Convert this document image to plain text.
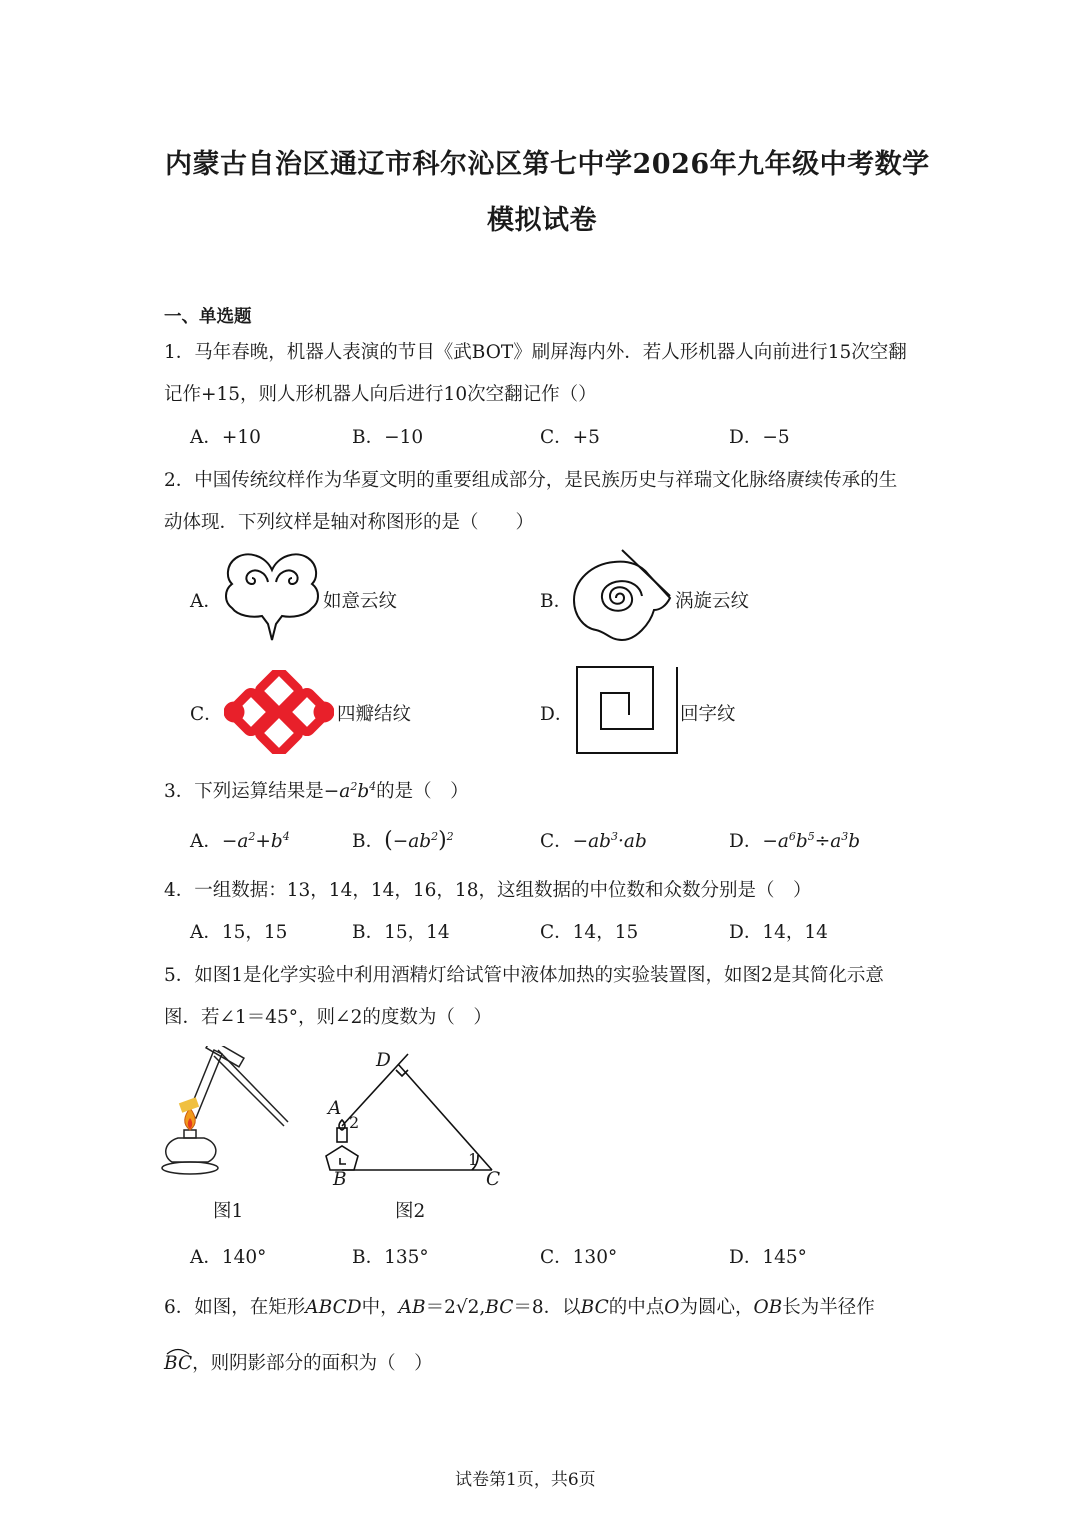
内蒙古自治区通辽市科尔沁区第七中学2026年九年级中考数学
模拟试卷
一、单选题
1．马年春晚，机器人表演的节目《武BOT》刷屏海内外．若人形机器人向前进行15次空翻
记作+15，则人形机器人向后进行10次空翻记作（）
A．+10	B．−10	C．+5	D．−5
2．中国传统纹样作为华夏文明的重要组成部分，是民族历史与祥瑞文化脉络赓续传承的生
动体现．下列纹样是轴对称图形的是（　　）
A．	如意云纹	B．	涡旋云纹
C．	四瓣结纹	D．	回字纹
3．下列运算结果是$-a^2b^4$的是（　）
A．$-a^2+b^4$	B．$(-ab^2)^2$	C．$-ab^3\cdot ab$	D．$-a^6b^5\div a^3b$
4．一组数据：13，14，14，16，18，这组数据的中位数和众数分别是（　）
A．15，15	B．15，14	C．14，15	D．14，14
5．如图1是化学实验中利用酒精灯给试管中液体加热的实验装置图，如图2是其简化示意
图．若∠1＝45°，则∠2的度数为（　）
图1
D
A
2
1
B	C
图2
A．140°	B．135°	C．130°	D．145°
6．如图，在矩形ABCD中，AB＝2√2,BC＝8．以BC的中点O为圆心，OB长为半径作
BC，则阴影部分的面积为（　）
试卷第1页，共6页
